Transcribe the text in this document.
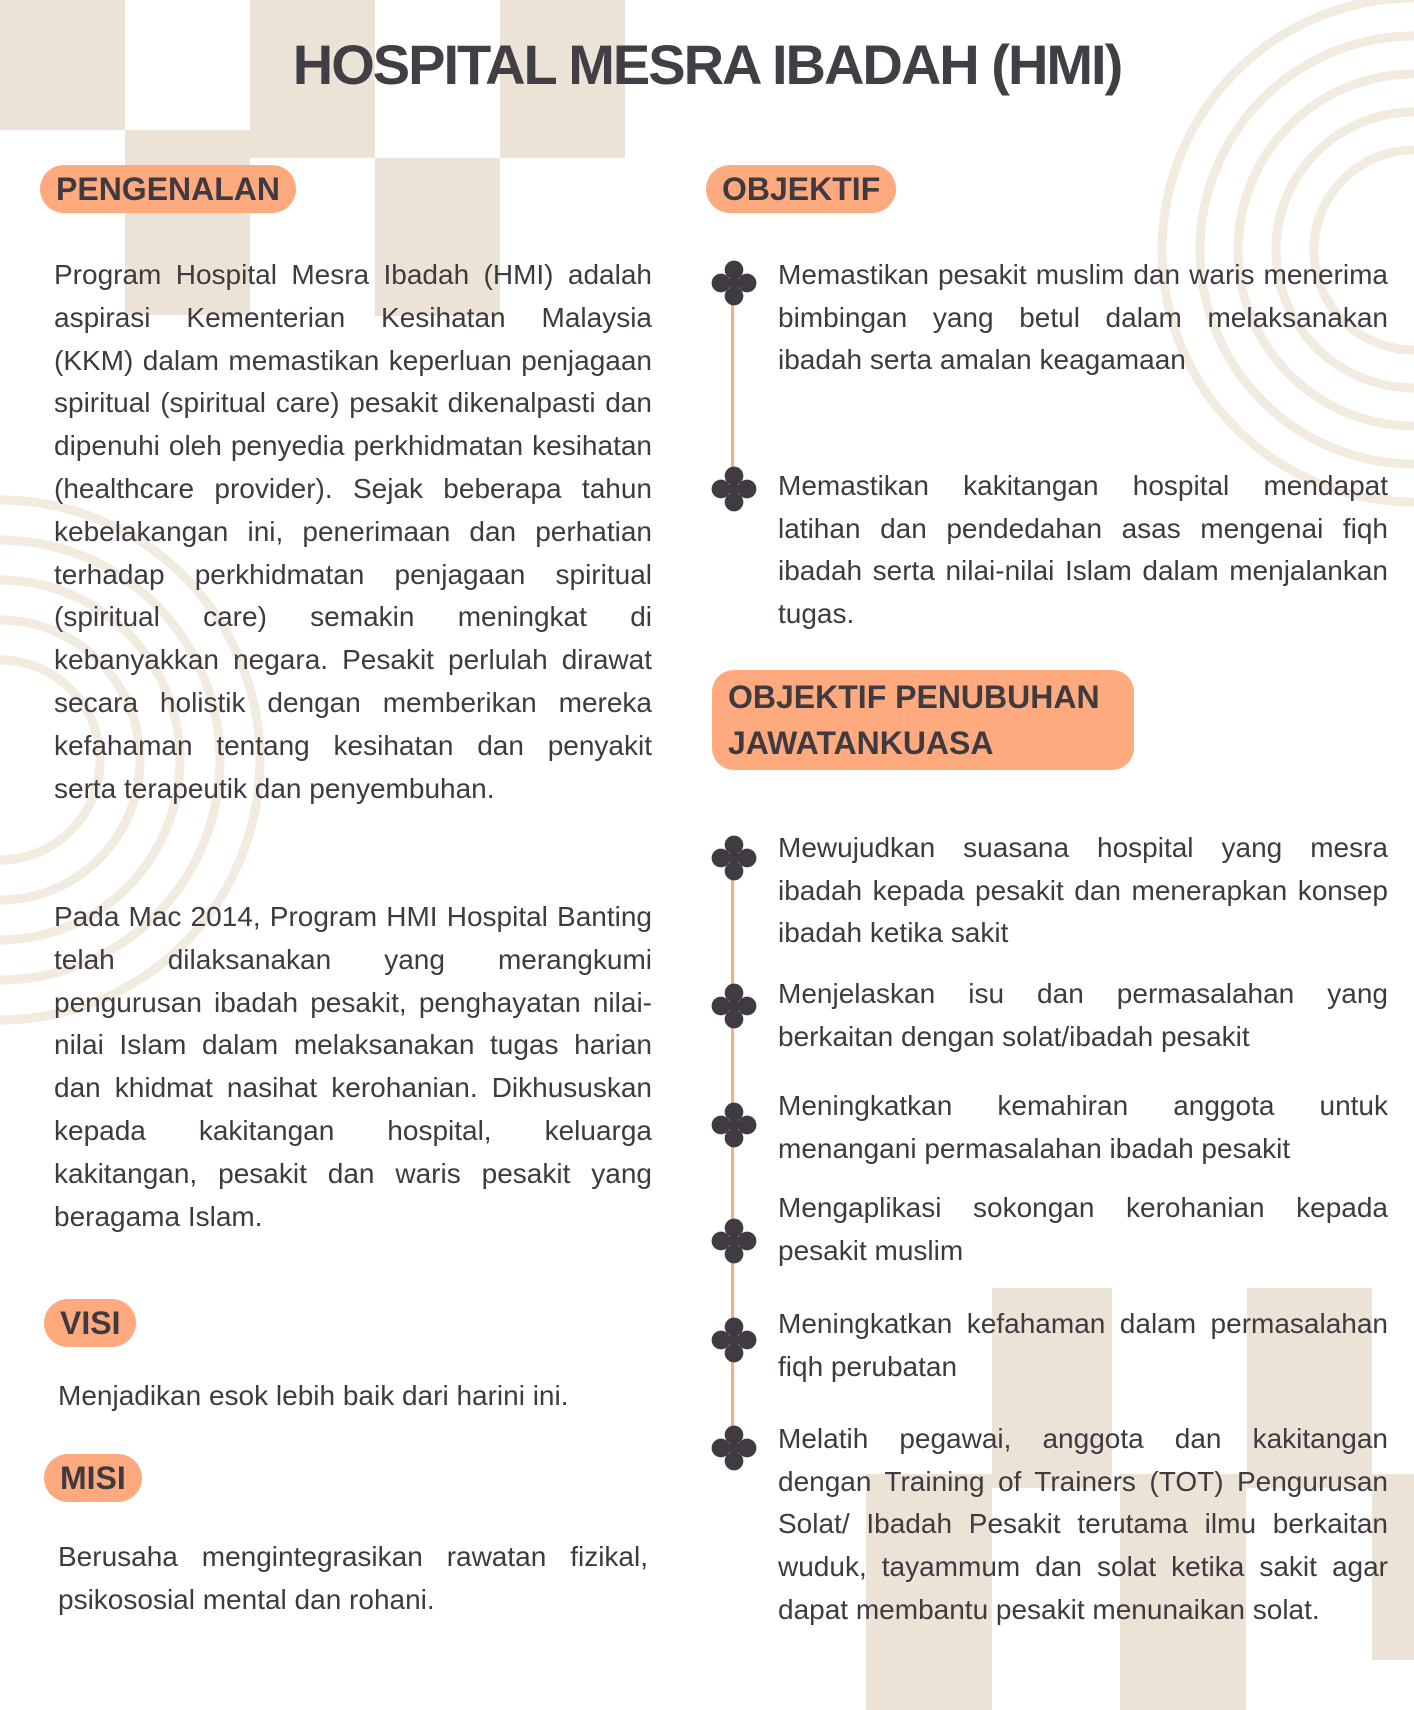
HOSPITAL MESRA IBADAH (HMI)
PENGENALAN

Program Hospital Mesra Ibadah (HMI) adalah aspirasi Kementerian Kesihatan Malaysia (KKM) dalam memastikan keperluan penjagaan spiritual (spiritual care) pesakit dikenalpasti dan dipenuhi oleh penyedia perkhidmatan kesihatan (healthcare provider). Sejak beberapa tahun kebelakangan ini, penerimaan dan perhatian terhadap perkhidmatan penjagaan spiritual (spiritual care) semakin meningkat di kebanyakkan negara. Pesakit perlulah dirawat secara holistik dengan memberikan mereka kefahaman tentang kesihatan dan penyakit serta terapeutik dan penyembuhan.

Pada Mac 2014, Program HMI Hospital Banting telah dilaksanakan yang merangkumi pengurusan ibadah pesakit, penghayatan nilai-nilai Islam dalam melaksanakan tugas harian dan khidmat nasihat kerohanian. Dikhususkan kepada kakitangan hospital, keluarga kakitangan, pesakit dan waris pesakit yang beragama Islam.

VISI

Menjadikan esok lebih baik dari harini ini.

MISI

Berusaha mengintegrasikan rawatan fizikal, psikososial mental dan rohani.

OBJEKTIF
Memastikan pesakit muslim dan waris menerima bimbingan yang betul dalam melaksanakan ibadah serta amalan keagamaan
Memastikan kakitangan hospital mendapat latihan dan pendedahan asas mengenai fiqh ibadah serta nilai-nilai Islam dalam menjalankan tugas.
OBJEKTIF PENUBUHAN
JAWATANKUASA
Mewujudkan suasana hospital yang mesra ibadah kepada pesakit dan menerapkan konsep ibadah ketika sakit
Menjelaskan isu dan permasalahan yang berkaitan dengan solat/ibadah pesakit
Meningkatkan kemahiran anggota untuk menangani permasalahan ibadah pesakit
Mengaplikasi sokongan kerohanian kepada pesakit muslim
Meningkatkan kefahaman dalam permasalahan fiqh perubatan
Melatih pegawai, anggota dan kakitangan dengan Training of Trainers (TOT) Pengurusan Solat/ Ibadah Pesakit terutama ilmu berkaitan wuduk, tayammum dan solat ketika sakit agar dapat membantu pesakit menunaikan solat.
